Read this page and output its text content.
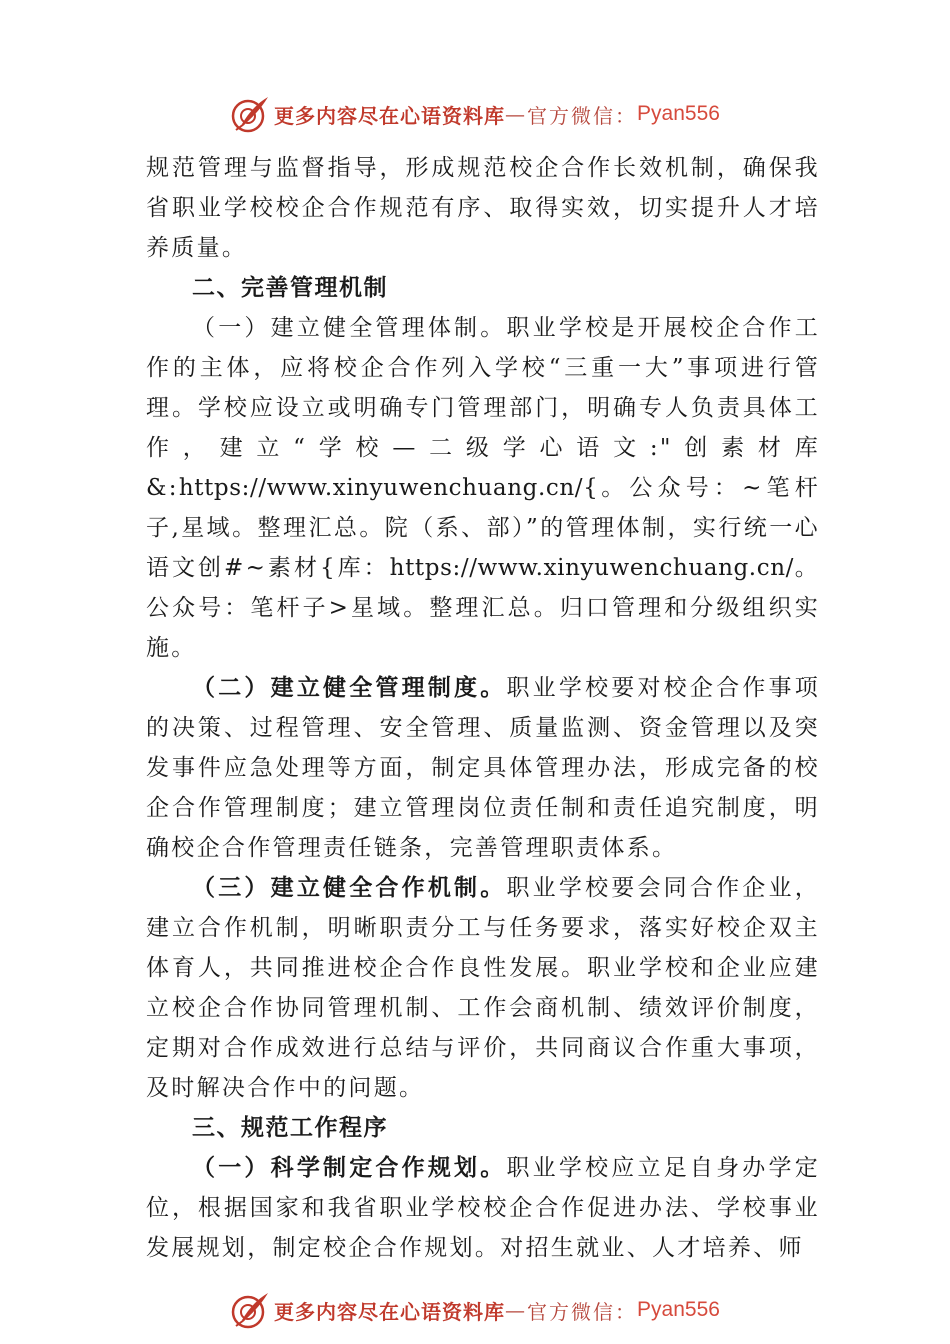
更多内容尽在心语资料库 — 官方微信： Pyan556

规范管理与监督指导，形成规范校企合作长效机制，确保我省职业学校校企合作规范有序、取得实效，切实提升人才培养质量。

二、完善管理机制

（一）建立健全管理体制。职业学校是开展校企合作工作的主体，应将校企合作列入学校“三重一大”事项进行管理。学校应设立或明确专门管理部门，明确专人负责具体工作，建立“学校—二级学心语文:"创素材库&:https://www.xinyuwenchuang.cn/{。公众号：~笔杆子,星域。整理汇总。院（系、部）”的管理体制，实行统一心语文创#~素材{库：https://www.xinyuwenchuang.cn/。公众号：笔杆子>星域。整理汇总。归口管理和分级组织实施。

（二）建立健全管理制度。职业学校要对校企合作事项的决策、过程管理、安全管理、质量监测、资金管理以及突发事件应急处理等方面，制定具体管理办法，形成完备的校企合作管理制度；建立管理岗位责任制和责任追究制度，明确校企合作管理责任链条，完善管理职责体系。

（三）建立健全合作机制。职业学校要会同合作企业，建立合作机制，明晰职责分工与任务要求，落实好校企双主体育人，共同推进校企合作良性发展。职业学校和企业应建立校企合作协同管理机制、工作会商机制、绩效评价制度， 定期对合作成效进行总结与评价，共同商议合作重大事项， 及时解决合作中的问题。

三、规范工作程序

（一）科学制定合作规划。职业学校应立足自身办学定位，根据国家和我省职业学校校企合作促进办法、学校事业发展规划，制定校企合作规划。对招生就业、人才培养、师

更多内容尽在心语资料库 — 官方微信： Pyan556
